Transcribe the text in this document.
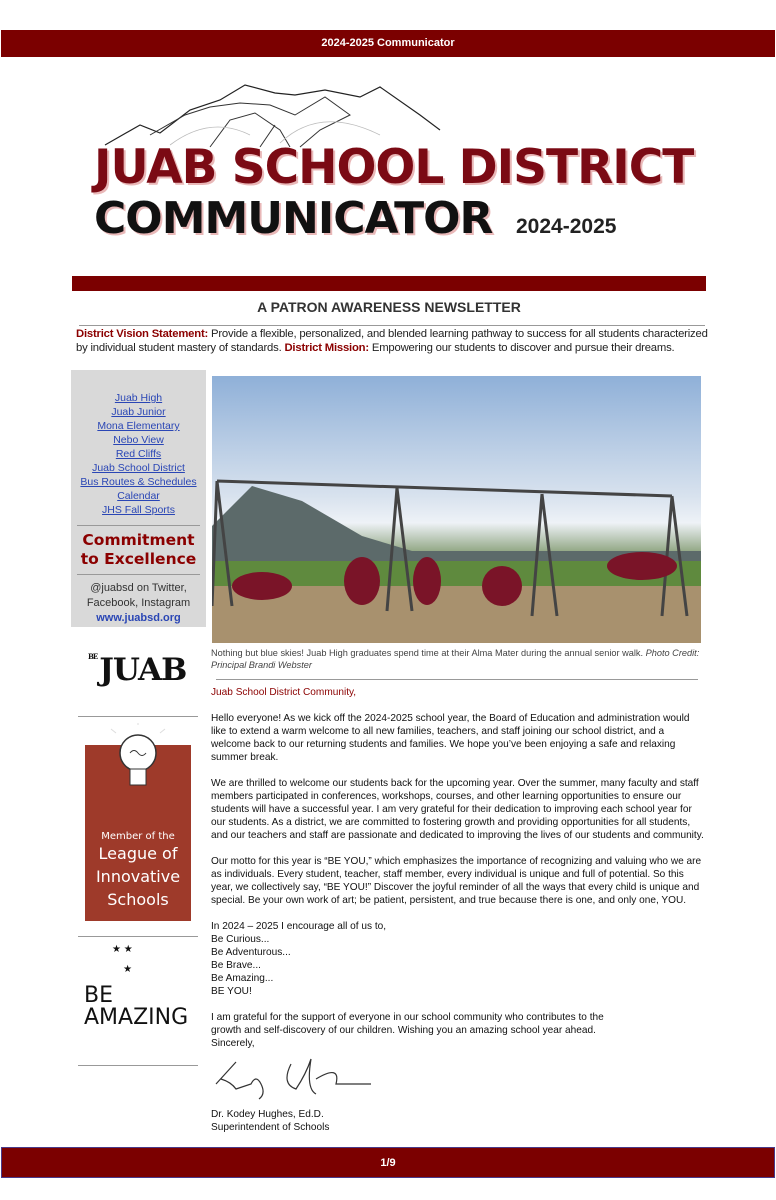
2024-2025 Communicator
JUAB SCHOOL DISTRICT
COMMUNICATOR 2024-2025
A PATRON AWARENESS NEWSLETTER
District Vision Statement: Provide a flexible, personalized, and blended learning pathway to success for all students characterized by individual student mastery of standards. District Mission: Empowering our students to discover and pursue their dreams.
Juab High
Juab Junior
Mona Elementary
Nebo View
Red Cliffs
Juab School District
Bus Routes & Schedules
Calendar
JHS Fall Sports
Commitment
to Excellence
@juabsd on Twitter,
Facebook, Instagram
www.juabsd.org
$^{BE}$JUAB
Member of the
League of
Innovative
Schools
BE
AMAZING
★ ★

★
Nothing but blue skies! Juab High graduates spend time at their Alma Mater during the annual senior walk. Photo Credit: Principal Brandi Webster

Juab School District Community,

Hello everyone! As we kick off the 2024-2025 school year, the Board of Education and administration would like to extend a warm welcome to all new families, teachers, and staff joining our school district, and a welcome back to our returning students and families. We hope you’ve been enjoying a safe and relaxing summer break.

We are thrilled to welcome our students back for the upcoming year. Over the summer, many faculty and staff members participated in conferences, workshops, courses, and other learning opportunities to ensure our students will have a successful year. I am very grateful for their dedication to improving each school year for our students. As a district, we are committed to fostering growth and providing opportunities for all students, and our teachers and staff are passionate and dedicated to improving the lives of our students and community.

Our motto for this year is “BE YOU,” which emphasizes the importance of recognizing and valuing who we are as individuals. Every student, teacher, staff member, every individual is unique and full of potential. So this year, we collectively say, “BE YOU!” Discover the joyful reminder of all the ways that every child is unique and special. Be your own work of art; be patient, persistent, and true because there is one, and only one, YOU.

In 2024 – 2025 I encourage all of us to,
Be Curious...
Be Adventurous...
Be Brave...
Be Amazing...
BE YOU!

I am grateful for the support of everyone in our school community who contributes to the growth and self-discovery of our children. Wishing you an amazing school year ahead.
Sincerely,
Dr. Kodey Hughes, Ed.D.
Superintendent of Schools
1/9
